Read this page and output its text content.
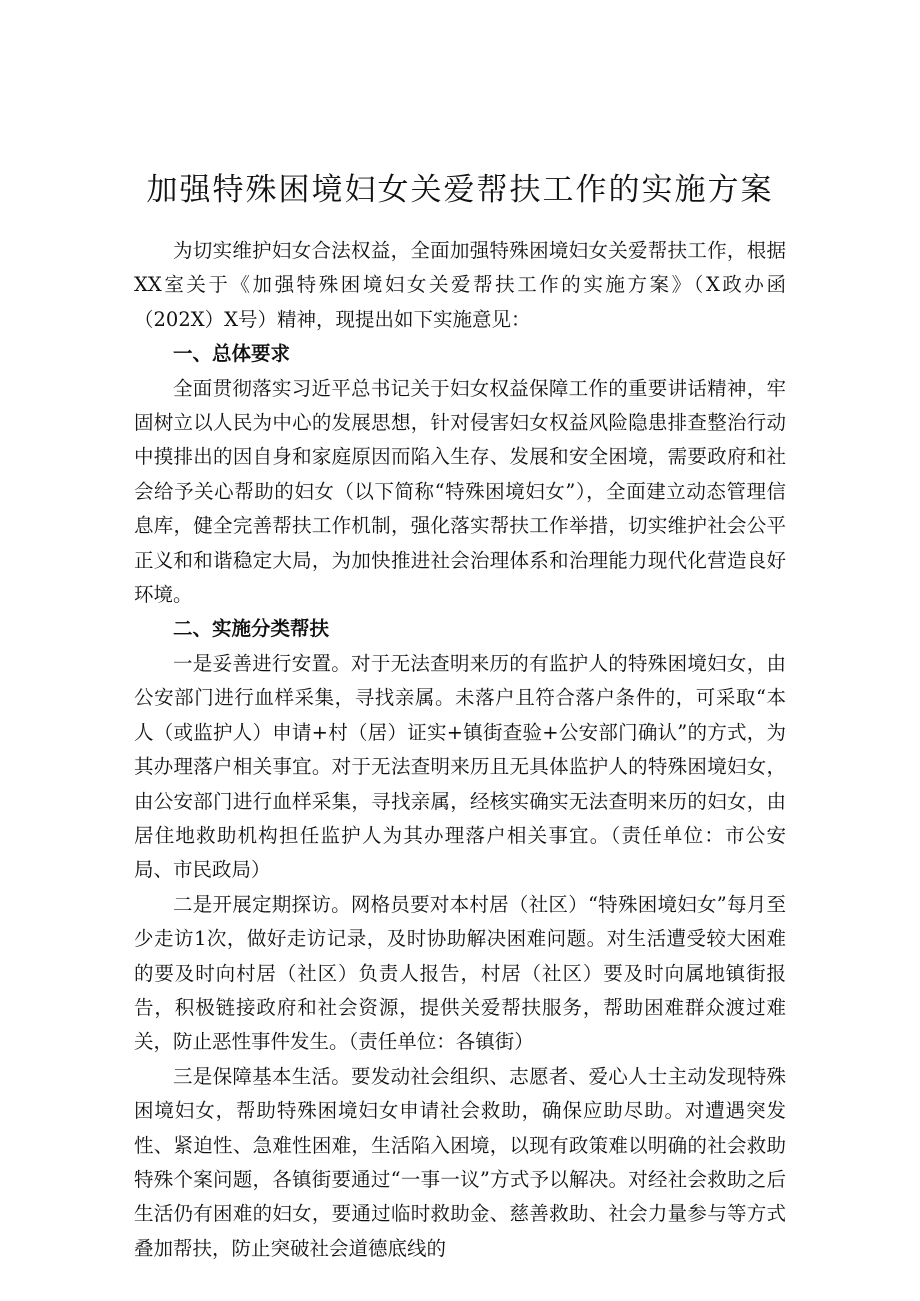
加强特殊困境妇女关爱帮扶工作的实施方案

为切实维护妇女合法权益，全面加强特殊困境妇女关爱帮扶工作，根据XX室关于《加强特殊困境妇女关爱帮扶工作的实施方案》（X政办函（202X）X号）精神，现提出如下实施意见：

一、总体要求

全面贯彻落实习近平总书记关于妇女权益保障工作的重要讲话精神，牢固树立以人民为中心的发展思想，针对侵害妇女权益风险隐患排查整治行动中摸排出的因自身和家庭原因而陷入生存、发展和安全困境，需要政府和社会给予关心帮助的妇女（以下简称“特殊困境妇女”），全面建立动态管理信息库，健全完善帮扶工作机制，强化落实帮扶工作举措，切实维护社会公平正义和和谐稳定大局，为加快推进社会治理体系和治理能力现代化营造良好环境。

二、实施分类帮扶

一是妥善进行安置。对于无法查明来历的有监护人的特殊困境妇女，由公安部门进行血样采集，寻找亲属。未落户且符合落户条件的，可采取“本人（或监护人）申请+村（居）证实+镇街查验+公安部门确认”的方式，为其办理落户相关事宜。对于无法查明来历且无具体监护人的特殊困境妇女，由公安部门进行血样采集，寻找亲属，经核实确实无法查明来历的妇女，由居住地救助机构担任监护人为其办理落户相关事宜。（责任单位：市公安局、市民政局）

二是开展定期探访。网格员要对本村居（社区）“特殊困境妇女”每月至少走访1次，做好走访记录，及时协助解决困难问题。对生活遭受较大困难的要及时向村居（社区）负责人报告，村居（社区）要及时向属地镇街报告，积极链接政府和社会资源，提供关爱帮扶服务，帮助困难群众渡过难关，防止恶性事件发生。（责任单位：各镇街）

三是保障基本生活。要发动社会组织、志愿者、爱心人士主动发现特殊困境妇女，帮助特殊困境妇女申请社会救助，确保应助尽助。对遭遇突发性、紧迫性、急难性困难，生活陷入困境，以现有政策难以明确的社会救助特殊个案问题，各镇街要通过“一事一议”方式予以解决。对经社会救助之后生活仍有困难的妇女，要通过临时救助金、慈善救助、社会力量参与等方式叠加帮扶，防止突破社会道德底线的
